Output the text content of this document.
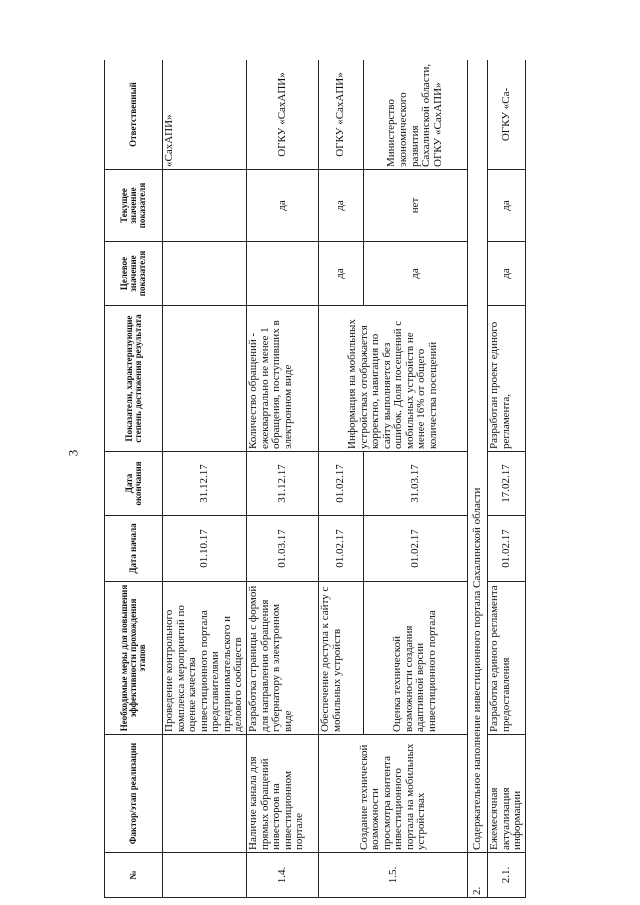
3
№	Фактор/этап реализации	Необходимые меры для повышения эффективности прохождения этапов	Дата начала	Дата окончания	Показатели, характеризующие степень достижения результата	Целевое значение показателя	Текущее значение показателя	Ответственный
		Проведение контрольного комплекса мероприятий по оценке качества инвестиционного портала представителями предпринимательского и делового сообществ	01.10.17	31.12.17				«СахАПИ»
1.4.	Наличие канала для прямых обращений инвесторов на инвестиционном портале	Разработка страницы с формой для направления обращения губернатору в электронном виде	01.03.17	31.12.17	Количество обращений - ежеквартально не менее 1 обращения, поступивших в электронном виде		да	ОГКУ «СахАПИ»
1.5.	Создание технической возможности просмотра контента инвестиционного портала на мобильных устройствах	Обеспечение доступа к сайту с мобильных устройств	01.02.17	01.02.17	Информация на мобильных устройствах отображается корректно, навигация по сайту выполняется без ошибок. Доля посещений с мобильных устройств не менее 16% от общего количества посещений	да	да	ОГКУ «СахАПИ»
		Оценка технической возможности создания адаптивной версии инвестиционного портала	01.02.17	31.03.17		да	нет	Министерство экономического развития Сахалинской области, ОГКУ «СахАПИ»
2.	Содержательное наполнение инвестиционного портала Сахалинской области							
2.1.	Ежемесячная актуализация информации	Разработка единого регламента предоставления	01.02.17	17.02.17	Разработан проект единого регламента,	да	да	ОГКУ «Са-
